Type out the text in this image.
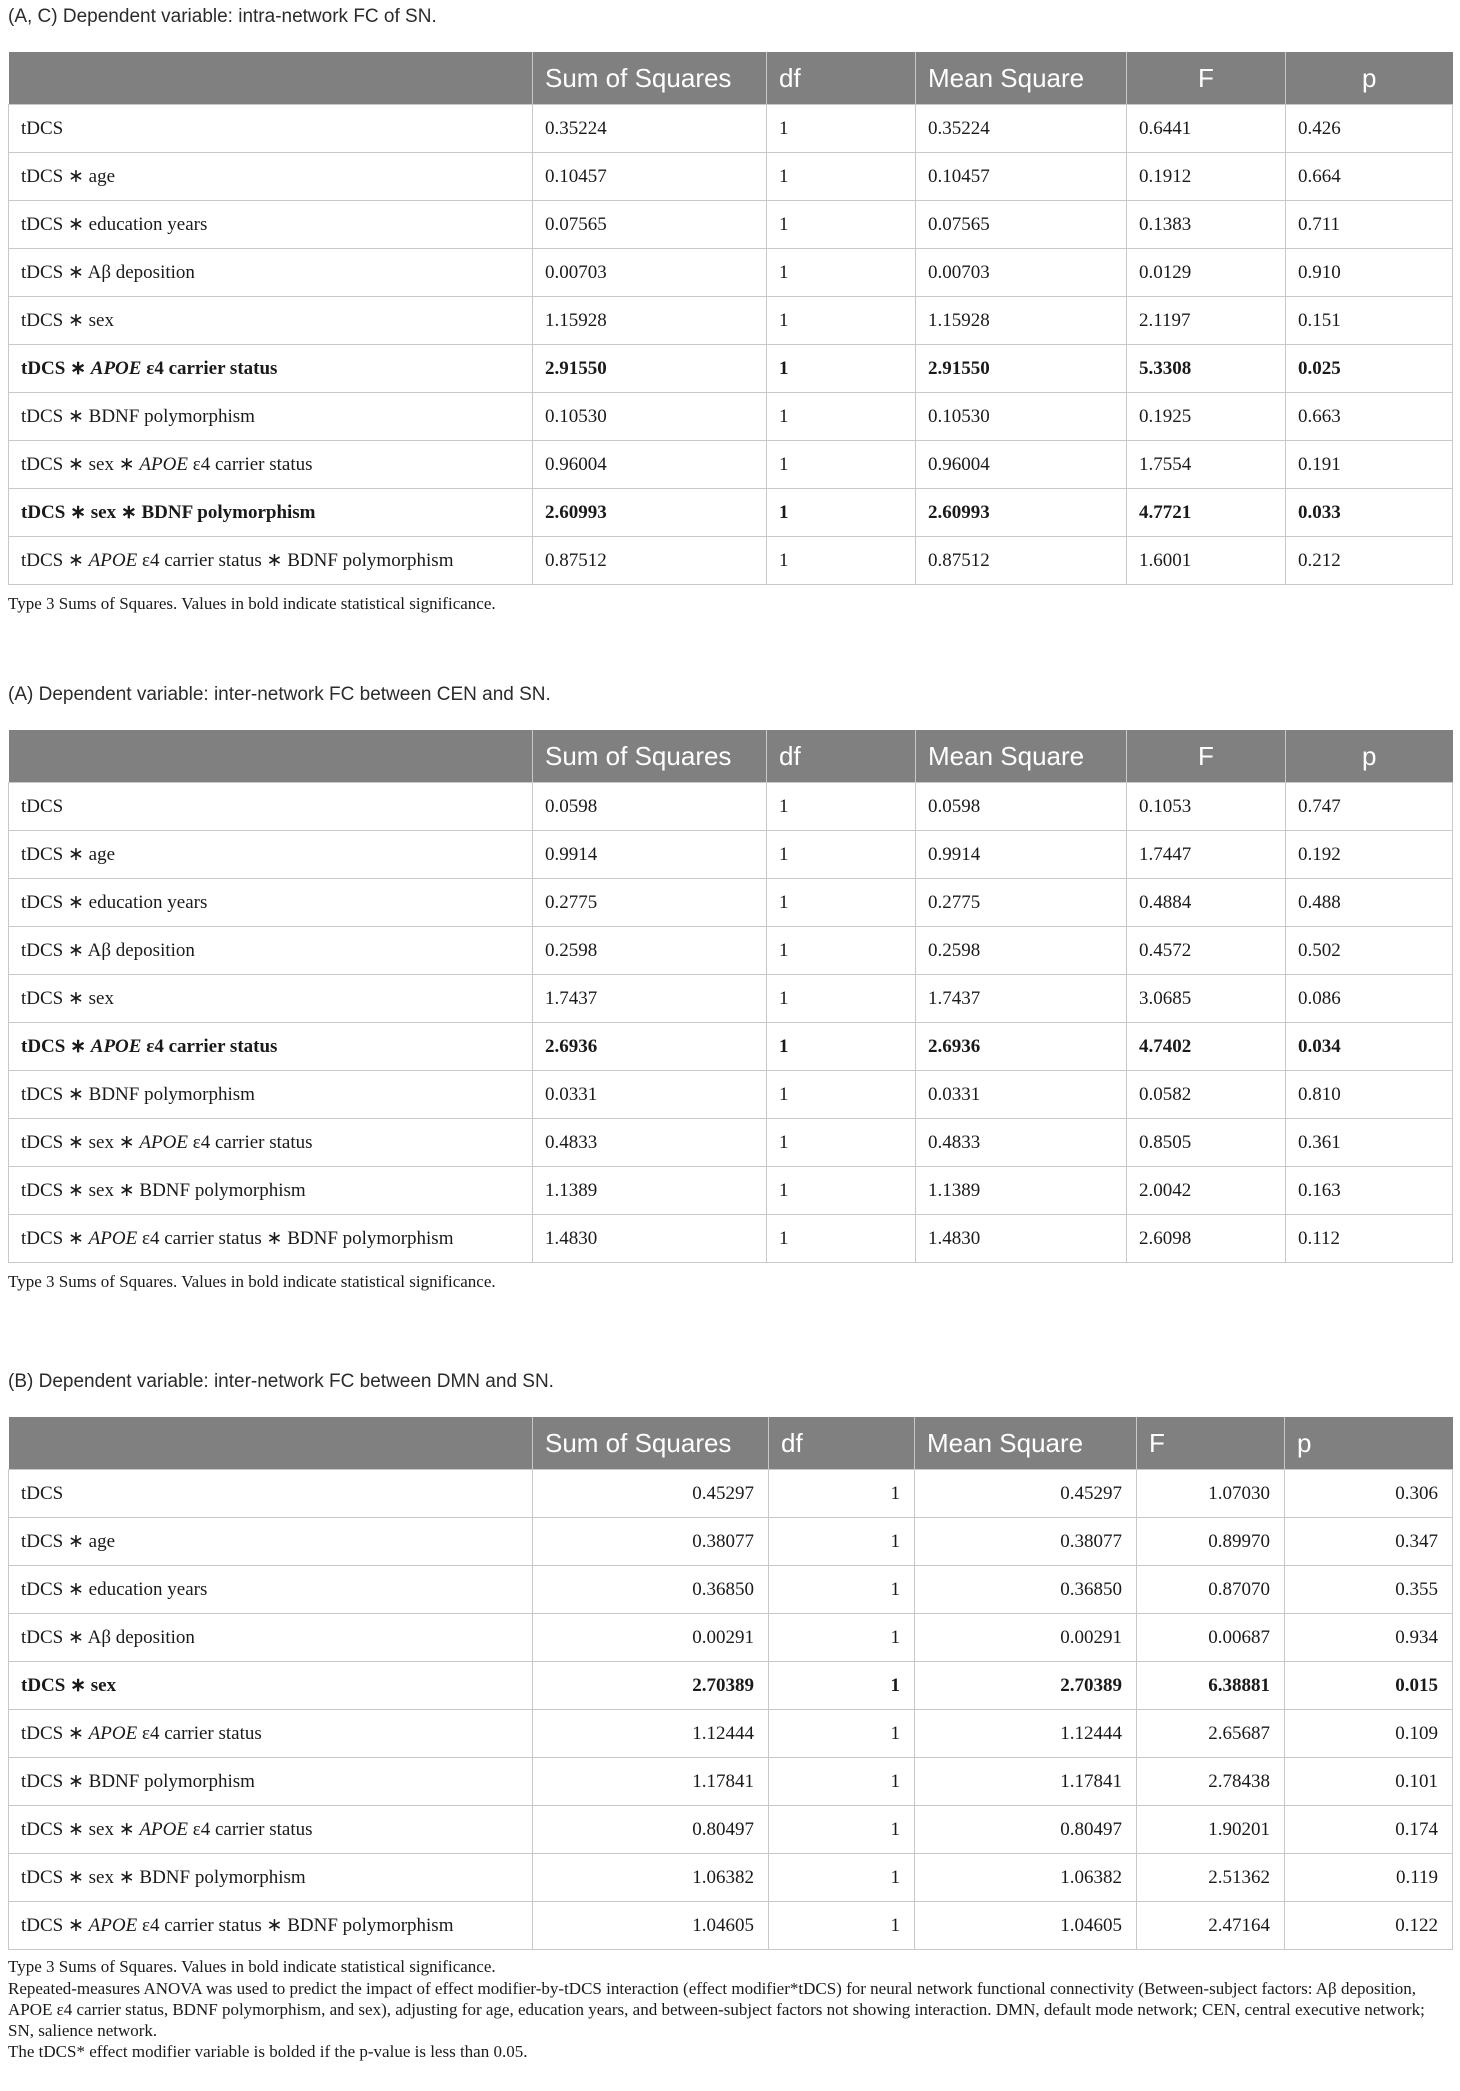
(A, C) Dependent variable: intra-network FC of SN.
	Sum of Squares	df	Mean Square	F	p
tDCS	0.35224	1	0.35224	0.6441	0.426
tDCS ∗ age	0.10457	1	0.10457	0.1912	0.664
tDCS ∗ education years	0.07565	1	0.07565	0.1383	0.711
tDCS ∗ Aβ deposition	0.00703	1	0.00703	0.0129	0.910
tDCS ∗ sex	1.15928	1	1.15928	2.1197	0.151
tDCS ∗ APOE ε4 carrier status	2.91550	1	2.91550	5.3308	0.025
tDCS ∗ BDNF polymorphism	0.10530	1	0.10530	0.1925	0.663
tDCS ∗ sex ∗ APOE ε4 carrier status	0.96004	1	0.96004	1.7554	0.191
tDCS ∗ sex ∗ BDNF polymorphism	2.60993	1	2.60993	4.7721	0.033
tDCS ∗ APOE ε4 carrier status ∗ BDNF polymorphism	0.87512	1	0.87512	1.6001	0.212
Type 3 Sums of Squares. Values in bold indicate statistical significance.
(A) Dependent variable: inter-network FC between CEN and SN.
	Sum of Squares	df	Mean Square	F	p
tDCS	0.0598	1	0.0598	0.1053	0.747
tDCS ∗ age	0.9914	1	0.9914	1.7447	0.192
tDCS ∗ education years	0.2775	1	0.2775	0.4884	0.488
tDCS ∗ Aβ deposition	0.2598	1	0.2598	0.4572	0.502
tDCS ∗ sex	1.7437	1	1.7437	3.0685	0.086
tDCS ∗ APOE ε4 carrier status	2.6936	1	2.6936	4.7402	0.034
tDCS ∗ BDNF polymorphism	0.0331	1	0.0331	0.0582	0.810
tDCS ∗ sex ∗ APOE ε4 carrier status	0.4833	1	0.4833	0.8505	0.361
tDCS ∗ sex ∗ BDNF polymorphism	1.1389	1	1.1389	2.0042	0.163
tDCS ∗ APOE ε4 carrier status ∗ BDNF polymorphism	1.4830	1	1.4830	2.6098	0.112
Type 3 Sums of Squares. Values in bold indicate statistical significance.
(B) Dependent variable: inter-network FC between DMN and SN.
	Sum of Squares	df	Mean Square	F	p
tDCS	0.45297	1	0.45297	1.07030	0.306
tDCS ∗ age	0.38077	1	0.38077	0.89970	0.347
tDCS ∗ education years	0.36850	1	0.36850	0.87070	0.355
tDCS ∗ Aβ deposition	0.00291	1	0.00291	0.00687	0.934
tDCS ∗ sex	2.70389	1	2.70389	6.38881	0.015
tDCS ∗ APOE ε4 carrier status	1.12444	1	1.12444	2.65687	0.109
tDCS ∗ BDNF polymorphism	1.17841	1	1.17841	2.78438	0.101
tDCS ∗ sex ∗ APOE ε4 carrier status	0.80497	1	0.80497	1.90201	0.174
tDCS ∗ sex ∗ BDNF polymorphism	1.06382	1	1.06382	2.51362	0.119
tDCS ∗ APOE ε4 carrier status ∗ BDNF polymorphism	1.04605	1	1.04605	2.47164	0.122
Type 3 Sums of Squares. Values in bold indicate statistical significance.
Repeated-measures ANOVA was used to predict the impact of effect modifier-by-tDCS interaction (effect modifier*tDCS) for neural network functional connectivity (Between-subject factors: Aβ deposition, APOE ε4 carrier status, BDNF polymorphism, and sex), adjusting for age, education years, and between-subject factors not showing interaction. DMN, default mode network; CEN, central executive network; SN, salience network.
The tDCS* effect modifier variable is bolded if the p-value is less than 0.05.
